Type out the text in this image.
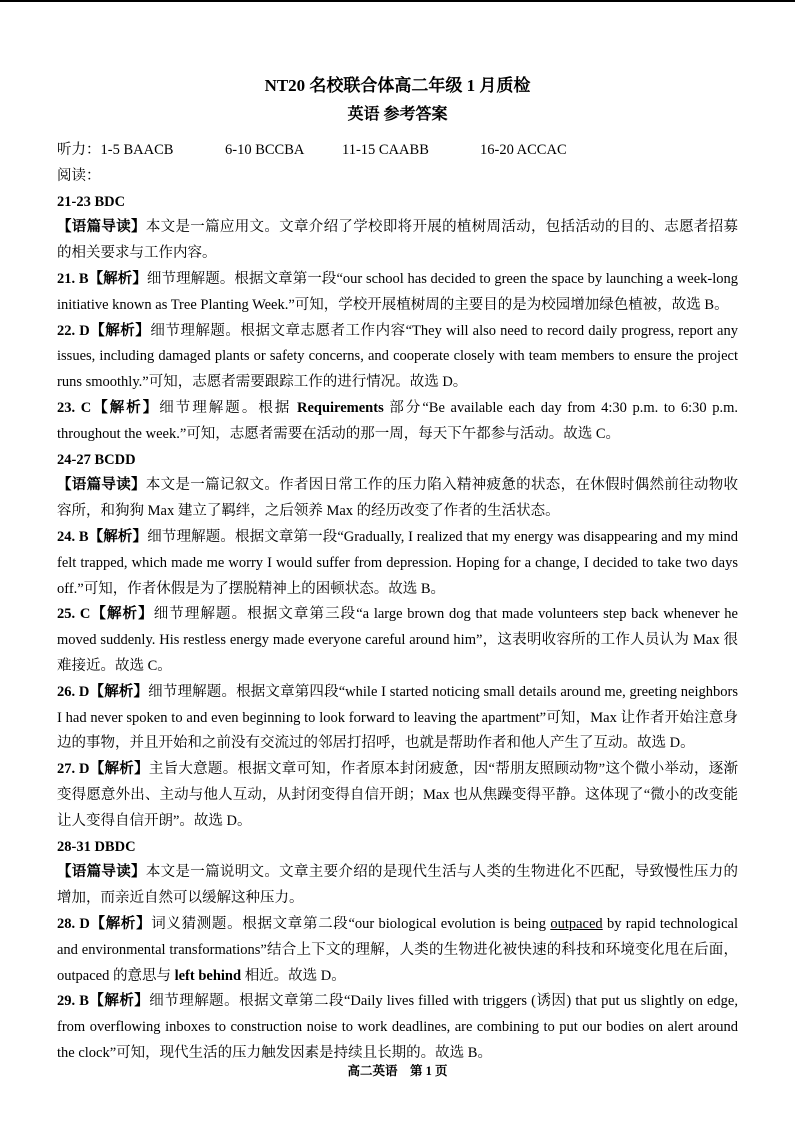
NT20 名校联合体高二年级 1 月质检
英语 参考答案

听力：1-5 BAACB	6-10 BCCBA	11-15 CAABB	16-20 ACCAC

阅读：

21-23 BDC

【语篇导读】本文是一篇应用文。文章介绍了学校即将开展的植树周活动，包括活动的目的、志愿者招募的相关要求与工作内容。

21. B【解析】细节理解题。根据文章第一段“our school has decided to green the space by launching a week-long initiative known as Tree Planting Week.”可知，学校开展植树周的主要目的是为校园增加绿色植被，故选 B。

22. D【解析】细节理解题。根据文章志愿者工作内容“They will also need to record daily progress, report any issues, including damaged plants or safety concerns, and cooperate closely with team members to ensure the project runs smoothly.”可知，志愿者需要跟踪工作的进行情况。故选 D。

23. C【解析】细节理解题。根据 Requirements 部分“Be available each day from 4:30 p.m. to 6:30 p.m. throughout the week.”可知，志愿者需要在活动的那一周，每天下午都参与活动。故选 C。

24-27 BCDD

【语篇导读】本文是一篇记叙文。作者因日常工作的压力陷入精神疲惫的状态，在休假时偶然前往动物收容所，和狗狗 Max 建立了羁绊，之后领养 Max 的经历改变了作者的生活状态。

24. B【解析】细节理解题。根据文章第一段“Gradually, I realized that my energy was disappearing and my mind felt trapped, which made me worry I would suffer from depression. Hoping for a change, I decided to take two days off.”可知，作者休假是为了摆脱精神上的困顿状态。故选 B。

25. C【解析】细节理解题。根据文章第三段“a large brown dog that made volunteers step back whenever he moved suddenly. His restless energy made everyone careful around him”，这表明收容所的工作人员认为 Max 很难接近。故选 C。

26. D【解析】细节理解题。根据文章第四段“while I started noticing small details around me, greeting neighbors I had never spoken to and even beginning to look forward to leaving the apartment”可知，Max 让作者开始注意身边的事物，并且开始和之前没有交流过的邻居打招呼，也就是帮助作者和他人产生了互动。故选 D。

27. D【解析】主旨大意题。根据文章可知，作者原本封闭疲惫，因“帮朋友照顾动物”这个微小举动，逐渐变得愿意外出、主动与他人互动，从封闭变得自信开朗；Max 也从焦躁变得平静。这体现了“微小的改变能让人变得自信开朗”。故选 D。

28-31 DBDC

【语篇导读】本文是一篇说明文。文章主要介绍的是现代生活与人类的生物进化不匹配，导致慢性压力的增加，而亲近自然可以缓解这种压力。

28. D【解析】词义猜测题。根据文章第二段“our biological evolution is being outpaced by rapid technological and environmental transformations”结合上下文的理解，人类的生物进化被快速的科技和环境变化甩在后面，outpaced 的意思与 left behind 相近。故选 D。

29. B【解析】细节理解题。根据文章第二段“Daily lives filled with triggers (诱因) that put us slightly on edge, from overflowing inboxes to construction noise to work deadlines, are combining to put our bodies on alert around the clock”可知，现代生活的压力触发因素是持续且长期的。故选 B。

高二英语　第 1 页
